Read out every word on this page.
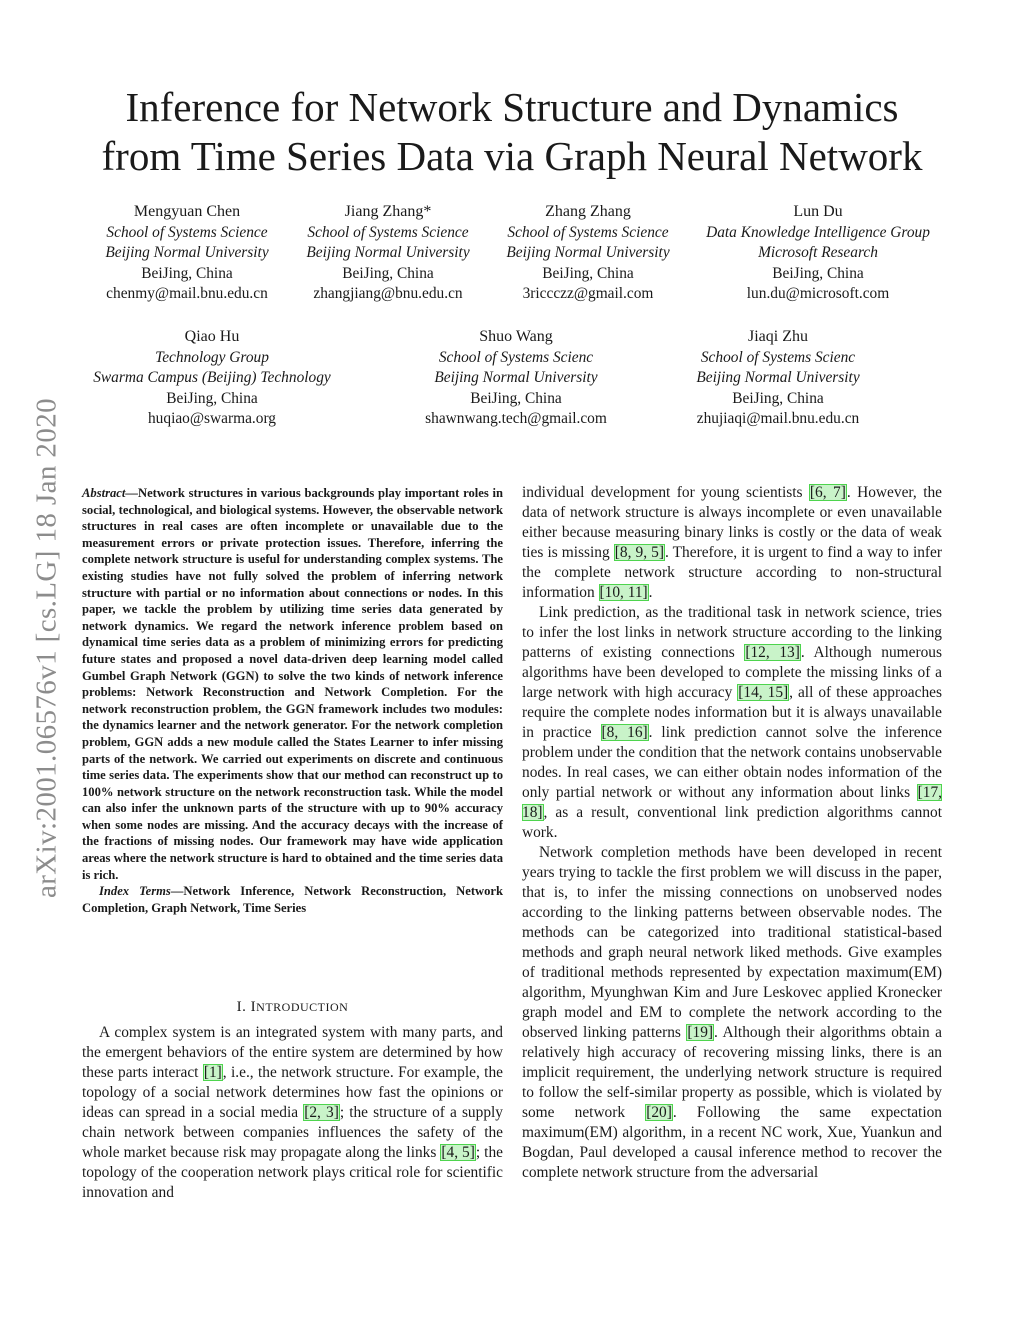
arXiv:2001.06576v1 [cs.LG] 18 Jan 2020
Inference for Network Structure and Dynamics
from Time Series Data via Graph Neural Network
Mengyuan Chen
School of Systems Science
Beijing Normal University
BeiJing, China
chenmy@mail.bnu.edu.cn
Jiang Zhang*
School of Systems Science
Beijing Normal University
BeiJing, China
zhangjiang@bnu.edu.cn
Zhang Zhang
School of Systems Science
Beijing Normal University
BeiJing, China
3riccczz@gmail.com
Lun Du
Data Knowledge Intelligence Group
Microsoft Research
BeiJing, China
lun.du@microsoft.com
Qiao Hu
Technology Group
Swarma Campus (Beijing) Technology
BeiJing, China
huqiao@swarma.org
Shuo Wang
School of Systems Scienc
Beijing Normal University
BeiJing, China
shawnwang.tech@gmail.com
Jiaqi Zhu
School of Systems Scienc
Beijing Normal University
BeiJing, China
zhujiaqi@mail.bnu.edu.cn

Abstract—Network structures in various backgrounds play important roles in social, technological, and biological systems. However, the observable network structures in real cases are often incomplete or unavailable due to the measurement errors or private protection issues. Therefore, inferring the complete network structure is useful for understanding complex systems. The existing studies have not fully solved the problem of inferring network structure with partial or no information about connections or nodes. In this paper, we tackle the problem by utilizing time series data generated by network dynamics. We regard the network inference problem based on dynamical time series data as a problem of minimizing errors for predicting future states and proposed a novel data-driven deep learning model called Gumbel Graph Network (GGN) to solve the two kinds of network inference problems: Network Reconstruction and Network Completion. For the network reconstruction problem, the GGN framework includes two modules: the dynamics learner and the network generator. For the network completion problem, GGN adds a new module called the States Learner to infer missing parts of the network. We carried out experiments on discrete and continuous time series data. The experiments show that our method can reconstruct up to 100% network structure on the network reconstruction task. While the model can also infer the unknown parts of the structure with up to 90% accuracy when some nodes are missing. And the accuracy decays with the increase of the fractions of missing nodes. Our framework may have wide application areas where the network structure is hard to obtained and the time series data is rich.

Index Terms—Network Inference, Network Reconstruction, Network Completion, Graph Network, Time Series

I. INTRODUCTION

A complex system is an integrated system with many parts, and the emergent behaviors of the entire system are determined by how these parts interact [1], i.e., the network structure. For example, the topology of a social network determines how fast the opinions or ideas can spread in a social media [2, 3]; the structure of a supply chain network between companies influences the safety of the whole market because risk may propagate along the links [4, 5]; the topology of the cooperation network plays critical role for scientific innovation and

individual development for young scientists [6, 7]. However, the data of network structure is always incomplete or even unavailable either because measuring binary links is costly or the data of weak ties is missing [8, 9, 5]. Therefore, it is urgent to find a way to infer the complete network structure according to non-structural information [10, 11].

Link prediction, as the traditional task in network science, tries to infer the lost links in network structure according to the linking patterns of existing connections [12, 13]. Although numerous algorithms have been developed to complete the missing links of a large network with high accuracy [14, 15], all of these approaches require the complete nodes information but it is always unavailable in practice [8, 16]. link prediction cannot solve the inference problem under the condition that the network contains unobservable nodes. In real cases, we can either obtain nodes information of the only partial network or without any information about links [17, 18], as a result, conventional link prediction algorithms cannot work.

Network completion methods have been developed in recent years trying to tackle the first problem we will discuss in the paper, that is, to infer the missing connections on unobserved nodes according to the linking patterns between observable nodes. The methods can be categorized into traditional statistical-based methods and graph neural network liked methods. Give examples of traditional methods represented by expectation maximum(EM) algorithm, Myunghwan Kim and Jure Leskovec applied Kronecker graph model and EM to complete the network according to the observed linking patterns [19]. Although their algorithms obtain a relatively high accuracy of recovering missing links, there is an implicit requirement, the underlying network structure is required to follow the self-similar property as possible, which is violated by some network [20]. Following the same expectation maximum(EM) algorithm, in a recent NC work, Xue, Yuankun and Bogdan, Paul developed a causal inference method to recover the complete network structure from the adversarial
